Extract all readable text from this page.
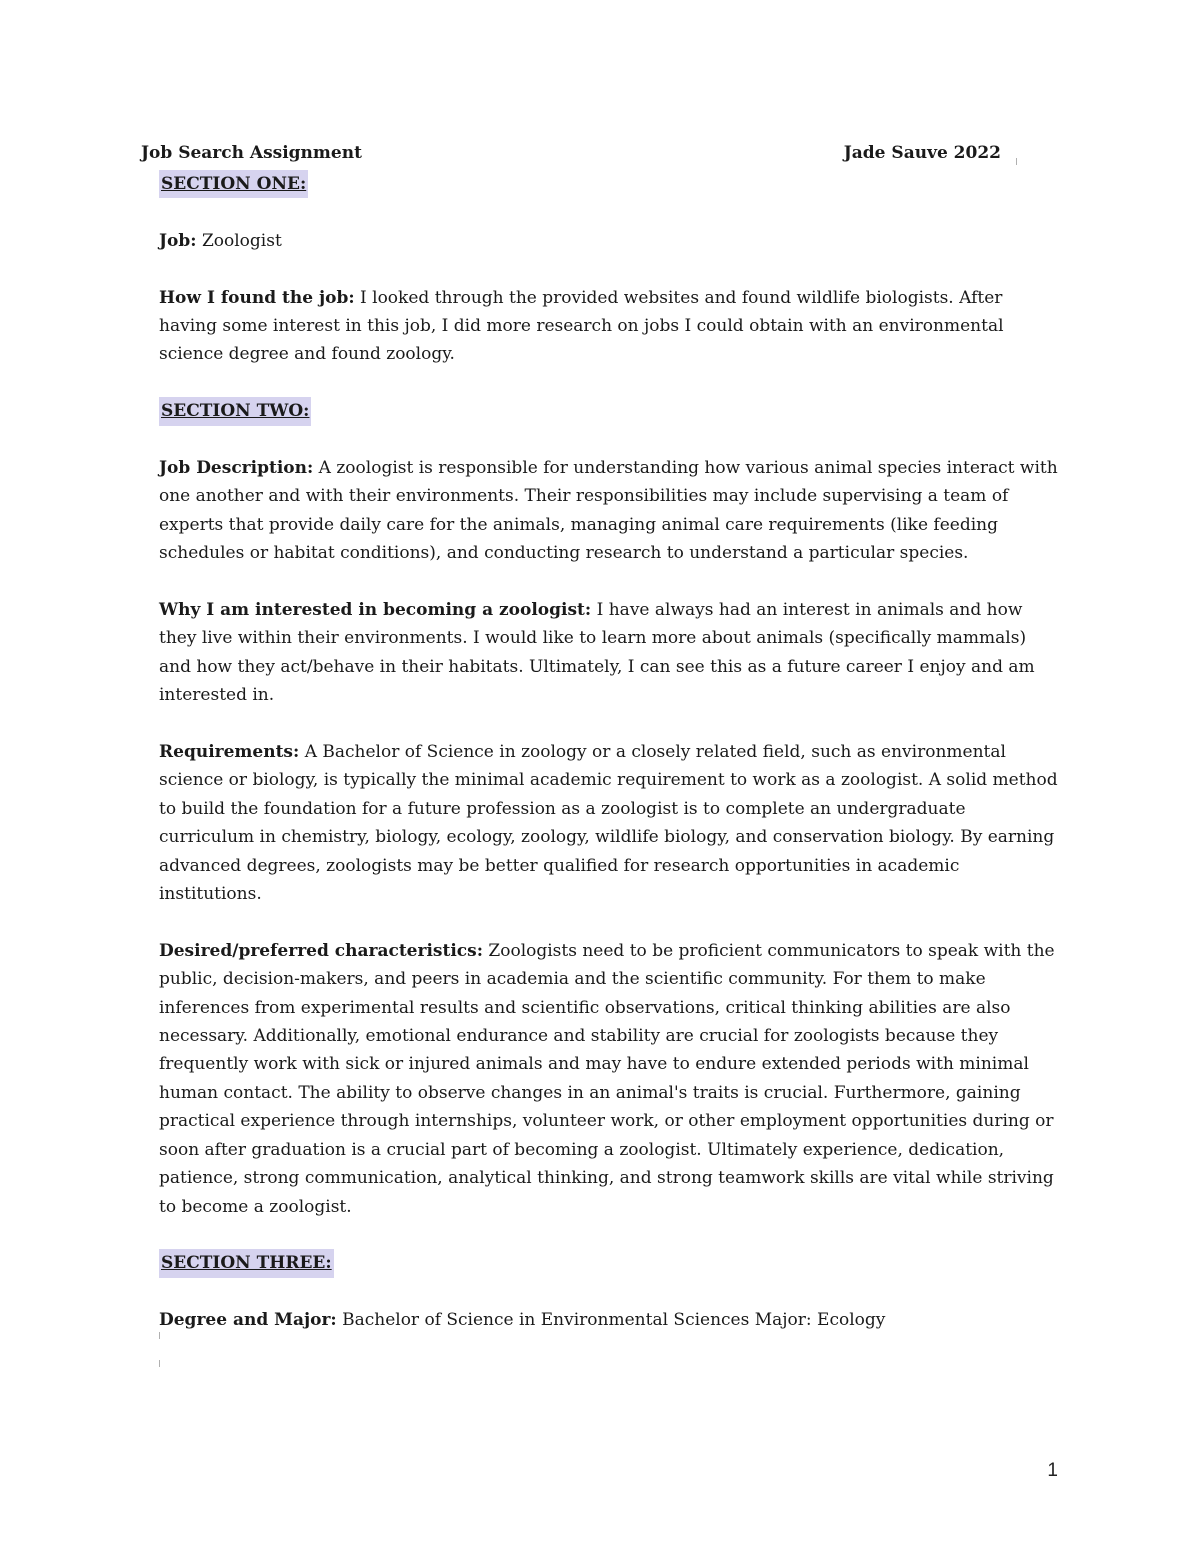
Job Search Assignment	Jade Sauve 2022
SECTION ONE:

Job: Zoologist

How I found the job: I looked through the provided websites and found wildlife biologists. After having some interest in this job, I did more research on jobs I could obtain with an environmental science degree and found zoology.

SECTION TWO:

Job Description: A zoologist is responsible for understanding how various animal species interact with one another and with their environments. Their responsibilities may include supervising a team of experts that provide daily care for the animals, managing animal care requirements (like feeding schedules or habitat conditions), and conducting research to understand a particular species.

Why I am interested in becoming a zoologist: I have always had an interest in animals and how they live within their environments. I would like to learn more about animals (specifically mammals) and how they act/behave in their habitats. Ultimately, I can see this as a future career I enjoy and am interested in.

Requirements: A Bachelor of Science in zoology or a closely related field, such as environmental science or biology, is typically the minimal academic requirement to work as a zoologist. A solid method to build the foundation for a future profession as a zoologist is to complete an undergraduate curriculum in chemistry, biology, ecology, zoology, wildlife biology, and conservation biology. By earning advanced degrees, zoologists may be better qualified for research opportunities in academic institutions.

Desired/preferred characteristics: Zoologists need to be proficient communicators to speak with the public, decision-makers, and peers in academia and the scientific community. For them to make inferences from experimental results and scientific observations, critical thinking abilities are also necessary. Additionally, emotional endurance and stability are crucial for zoologists because they frequently work with sick or injured animals and may have to endure extended periods with minimal human contact. The ability to observe changes in an animal's traits is crucial. Furthermore, gaining practical experience through internships, volunteer work, or other employment opportunities during or soon after graduation is a crucial part of becoming a zoologist. Ultimately experience, dedication, patience, strong communication, analytical thinking, and strong teamwork skills are vital while striving to become a zoologist.

SECTION THREE:

Degree and Major: Bachelor of Science in Environmental Sciences Major: Ecology

1
